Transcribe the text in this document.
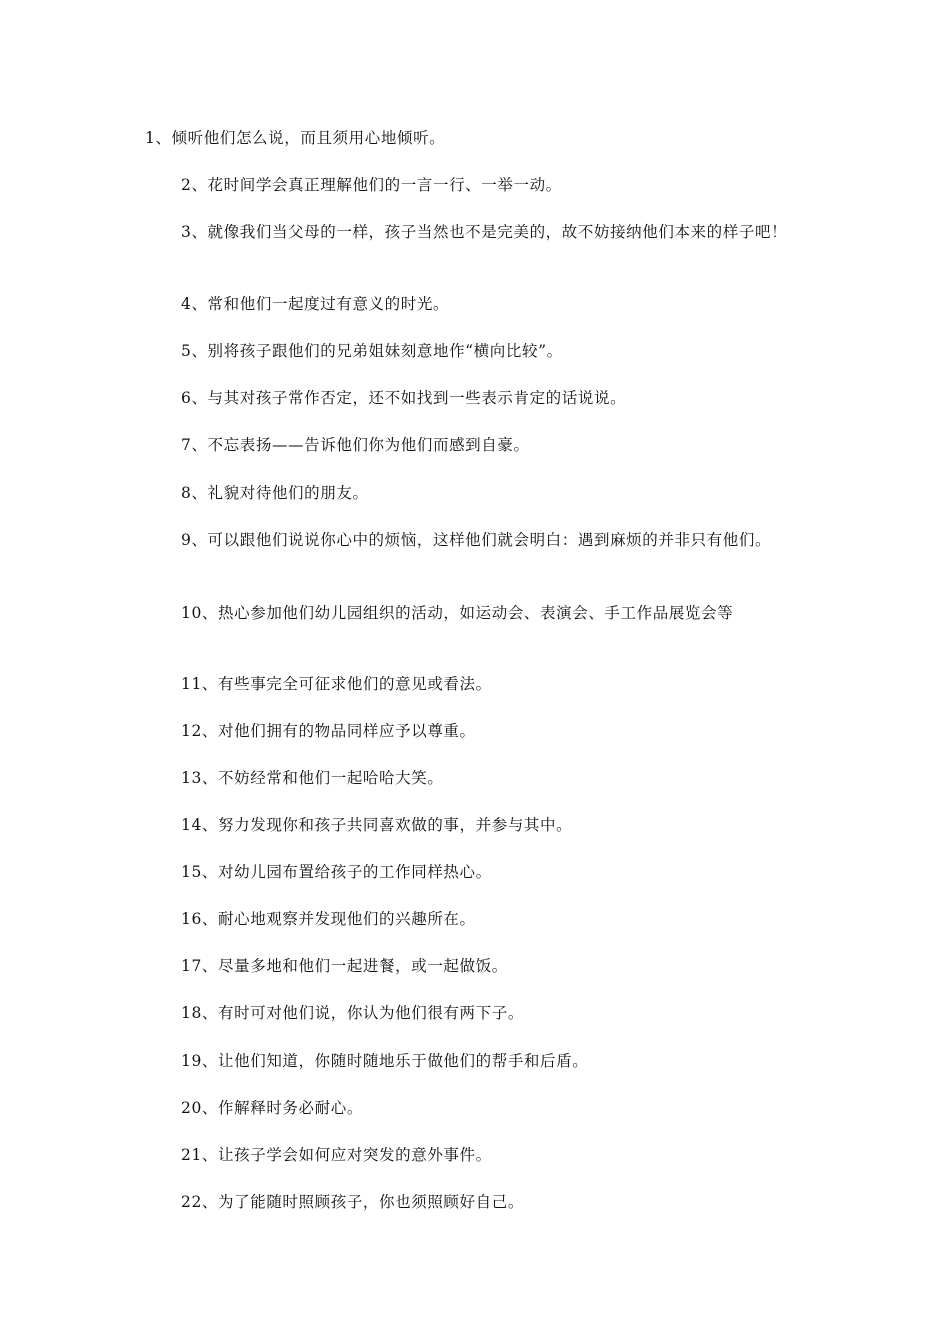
1、倾听他们怎么说，而且须用心地倾听。
2、花时间学会真正理解他们的一言一行、一举一动。
3、就像我们当父母的一样，孩子当然也不是完美的，故不妨接纳他们本来的样子吧！
4、常和他们一起度过有意义的时光。
5、别将孩子跟他们的兄弟姐妹刻意地作“横向比较”。
6、与其对孩子常作否定，还不如找到一些表示肯定的话说说。
7、不忘表扬——告诉他们你为他们而感到自豪。
8、礼貌对待他们的朋友。
9、可以跟他们说说你心中的烦恼，这样他们就会明白：遇到麻烦的并非只有他们。
10、热心参加他们幼儿园组织的活动，如运动会、表演会、手工作品展览会等
11、有些事完全可征求他们的意见或看法。
12、对他们拥有的物品同样应予以尊重。
13、不妨经常和他们一起哈哈大笑。
14、努力发现你和孩子共同喜欢做的事，并参与其中。
15、对幼儿园布置给孩子的工作同样热心。
16、耐心地观察并发现他们的兴趣所在。
17、尽量多地和他们一起进餐，或一起做饭。
18、有时可对他们说，你认为他们很有两下子。
19、让他们知道，你随时随地乐于做他们的帮手和后盾。
20、作解释时务必耐心。
21、让孩子学会如何应对突发的意外事件。
22、为了能随时照顾孩子，你也须照顾好自己。
